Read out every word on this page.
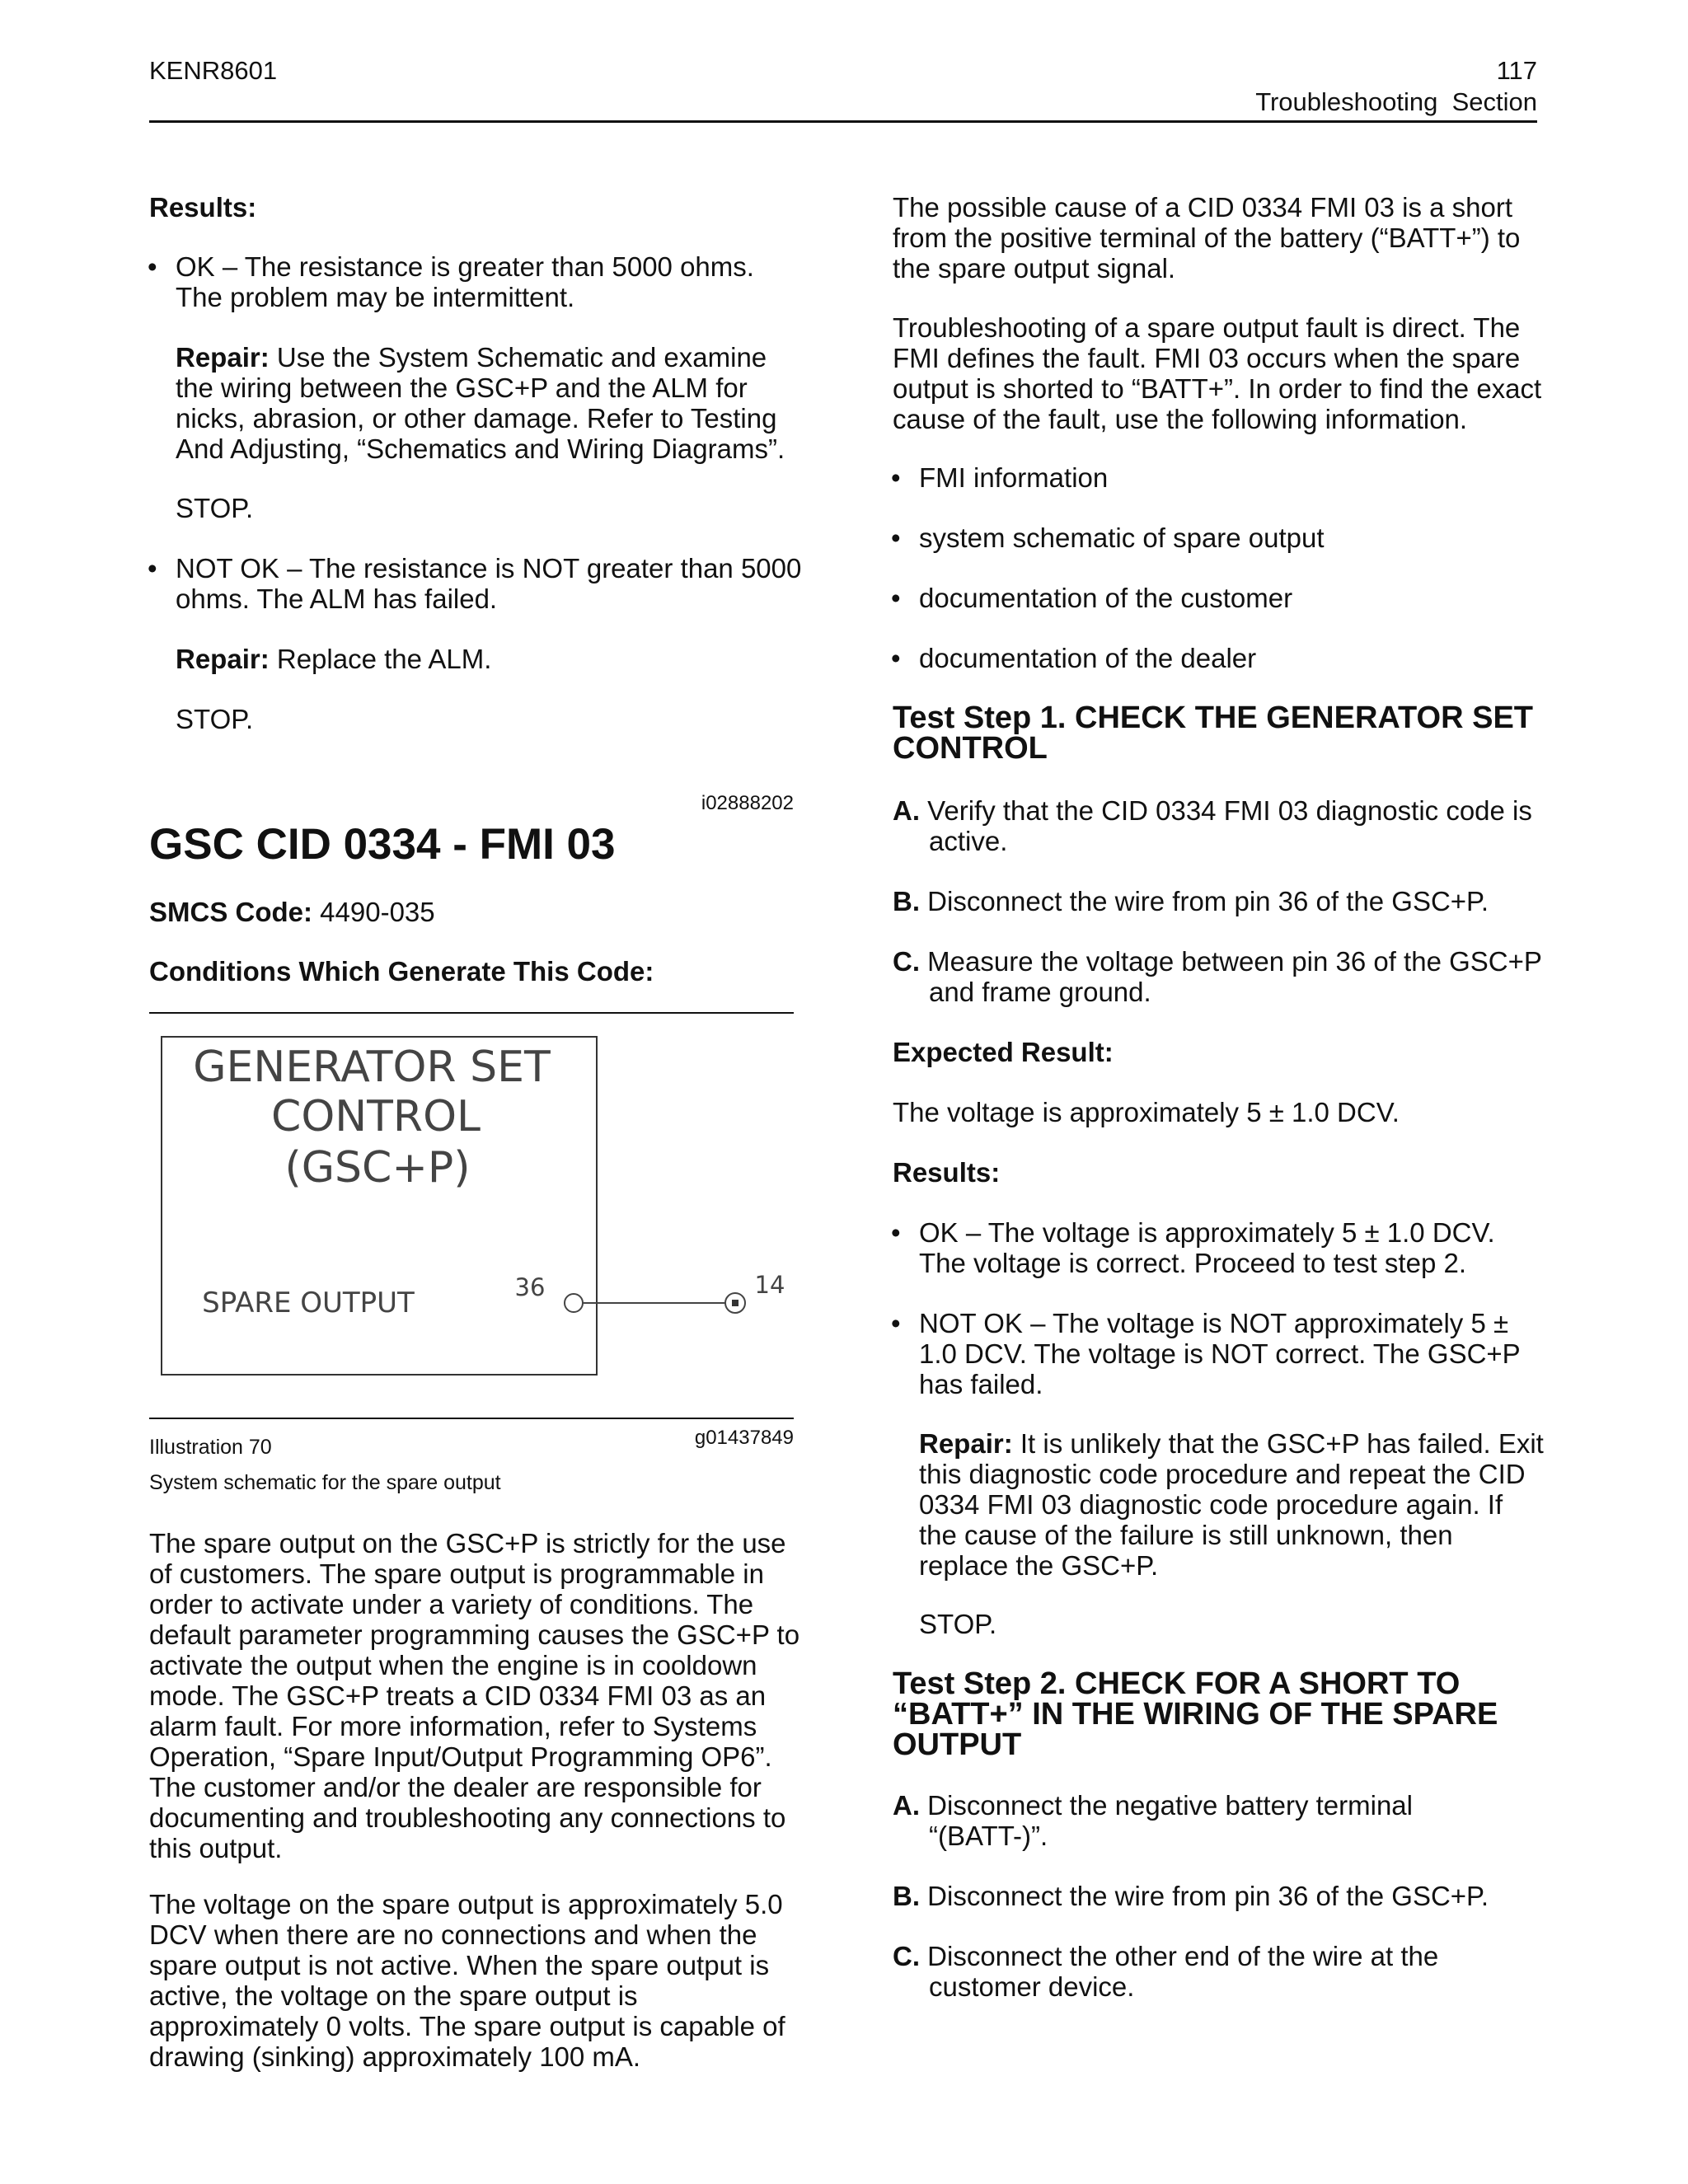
KENR8601	117
Troubleshooting  Section
Results:
• OK – The resistance is greater than 5000 ohms. The problem may be intermittent.
Repair: Use the System Schematic and examine the wiring between the GSC+P and the ALM for nicks, abrasion, or other damage. Refer to Testing And Adjusting, “Schematics and Wiring Diagrams”.
STOP.
• NOT OK – The resistance is NOT greater than 5000 ohms. The ALM has failed.
Repair: Replace the ALM.
STOP.
i02888202
GSC CID 0334 - FMI 03
SMCS Code: 4490-035
Conditions Which Generate This Code:
GENERATOR SET
CONTROL
(GSC+P)
SPARE OUTPUT	36	14
Illustration 70	g01437849
System schematic for the spare output
The spare output on the GSC+P is strictly for the use of customers. The spare output is programmable in order to activate under a variety of conditions. The default parameter programming causes the GSC+P to activate the output when the engine is in cooldown mode. The GSC+P treats a CID 0334 FMI 03 as an alarm fault. For more information, refer to Systems Operation, “Spare Input/Output Programming OP6”. The customer and/or the dealer are responsible for documenting and troubleshooting any connections to this output.
The voltage on the spare output is approximately 5.0 DCV when there are no connections and when the spare output is not active. When the spare output is active, the voltage on the spare output is approximately 0 volts. The spare output is capable of drawing (sinking) approximately 100 mA.
The possible cause of a CID 0334 FMI 03 is a short from the positive terminal of the battery (“BATT+”) to the spare output signal.
Troubleshooting of a spare output fault is direct. The FMI defines the fault. FMI 03 occurs when the spare output is shorted to “BATT+”. In order to find the exact cause of the fault, use the following information.
• FMI information
• system schematic of spare output
• documentation of the customer
• documentation of the dealer
Test Step 1. CHECK THE GENERATOR SET CONTROL
A. Verify that the CID 0334 FMI 03 diagnostic code is active.
B. Disconnect the wire from pin 36 of the GSC+P.
C. Measure the voltage between pin 36 of the GSC+P and frame ground.
Expected Result:
The voltage is approximately 5 ± 1.0 DCV.
Results:
• OK – The voltage is approximately 5 ± 1.0 DCV. The voltage is correct. Proceed to test step 2.
• NOT OK – The voltage is NOT approximately 5 ± 1.0 DCV. The voltage is NOT correct. The GSC+P has failed.
Repair: It is unlikely that the GSC+P has failed. Exit this diagnostic code procedure and repeat the CID 0334 FMI 03 diagnostic code procedure again. If the cause of the failure is still unknown, then replace the GSC+P.
STOP.
Test Step 2. CHECK FOR A SHORT TO “BATT+” IN THE WIRING OF THE SPARE OUTPUT
A. Disconnect the negative battery terminal “(BATT-)”.
B. Disconnect the wire from pin 36 of the GSC+P.
C. Disconnect the other end of the wire at the customer device.
